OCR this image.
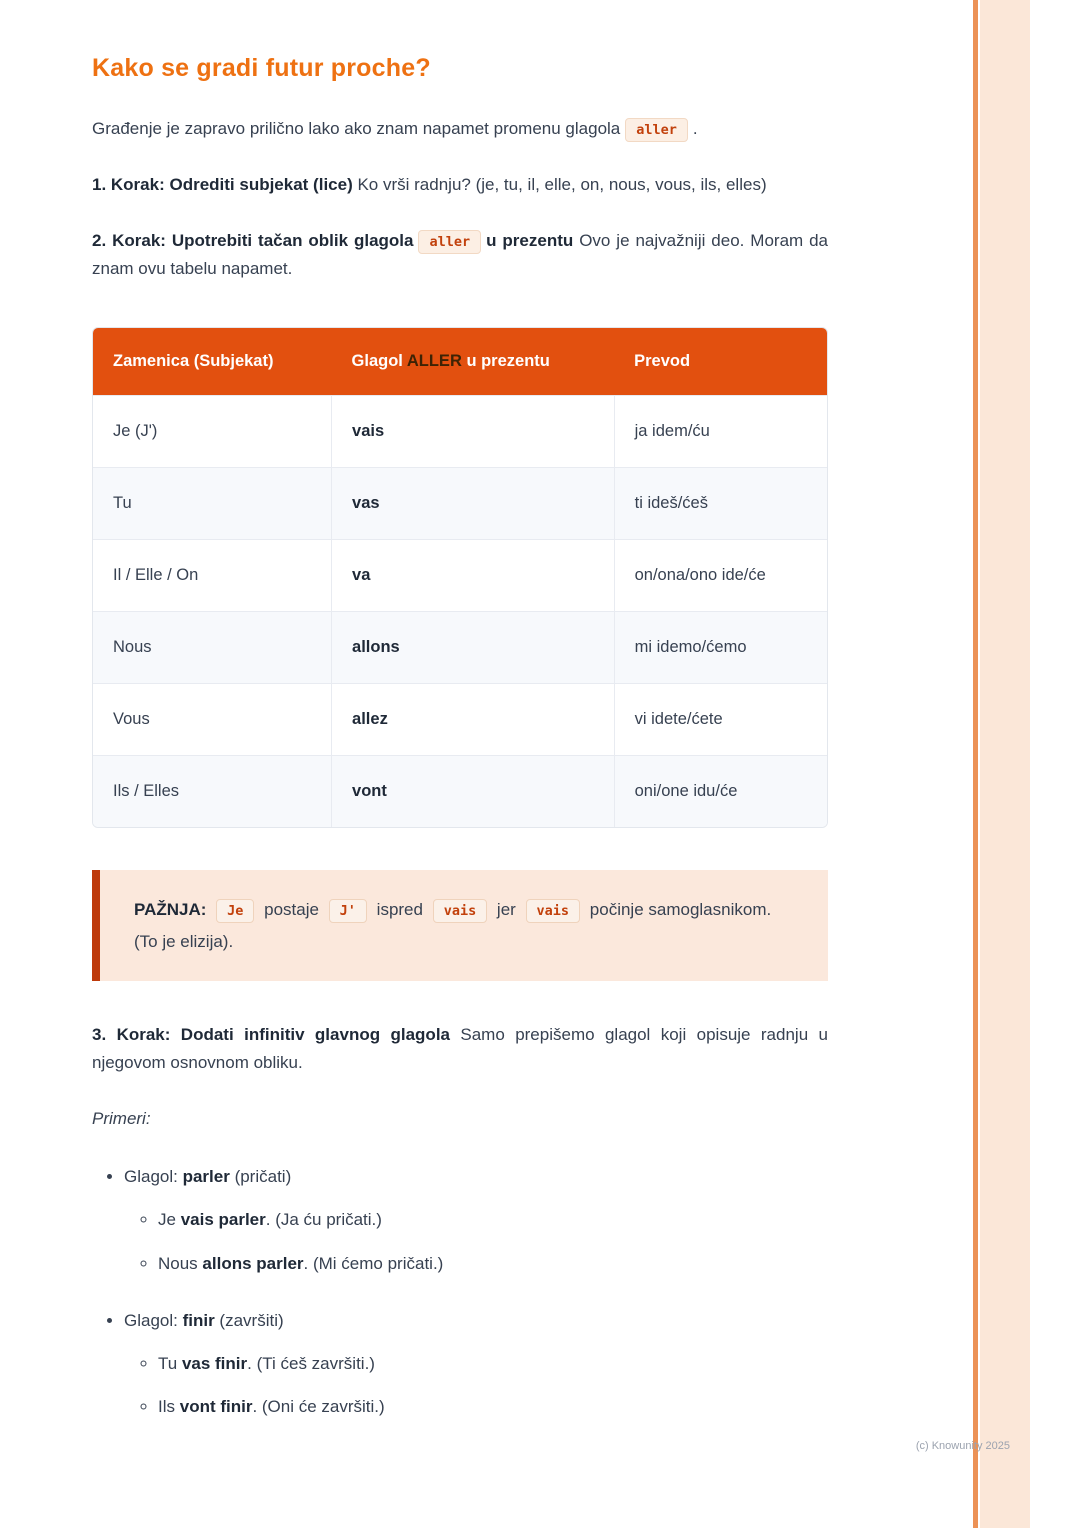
Kako se gradi futur proche?

Građenje je zapravo prilično lako ako znam napamet promenu glagola aller .

1. Korak: Odrediti subjekat (lice) Ko vrši radnju? (je, tu, il, elle, on, nous, vous, ils, elles)

2. Korak: Upotrebiti tačan oblik glagola aller u prezentu Ovo je najvažniji deo. Moram da znam ovu tabelu napamet.

Zamenica (Subjekat)	Glagol ALLER u prezentu	Prevod
Je (J')	vais	ja idem/ću
Tu	vas	ti ideš/ćeš
Il / Elle / On	va	on/ona/ono ide/će
Nous	allons	mi idemo/ćemo
Vous	allez	vi idete/ćete
Ils / Elles	vont	oni/one idu/će
PAŽNJA: Je postaje J' ispred vais jer vais počinje samoglasnikom. (To je elizija).

3. Korak: Dodati infinitiv glavnog glagola Samo prepišemo glagol koji opisuje radnju u njegovom osnovnom obliku.

Primeri:

• Glagol: parler (pričati)
◦ Je vais parler. (Ja ću pričati.)
◦ Nous allons parler. (Mi ćemo pričati.)
• Glagol: finir (završiti)
◦ Tu vas finir. (Ti ćeš završiti.)
◦ Ils vont finir. (Oni će završiti.)
(c) Knowunity 2025
